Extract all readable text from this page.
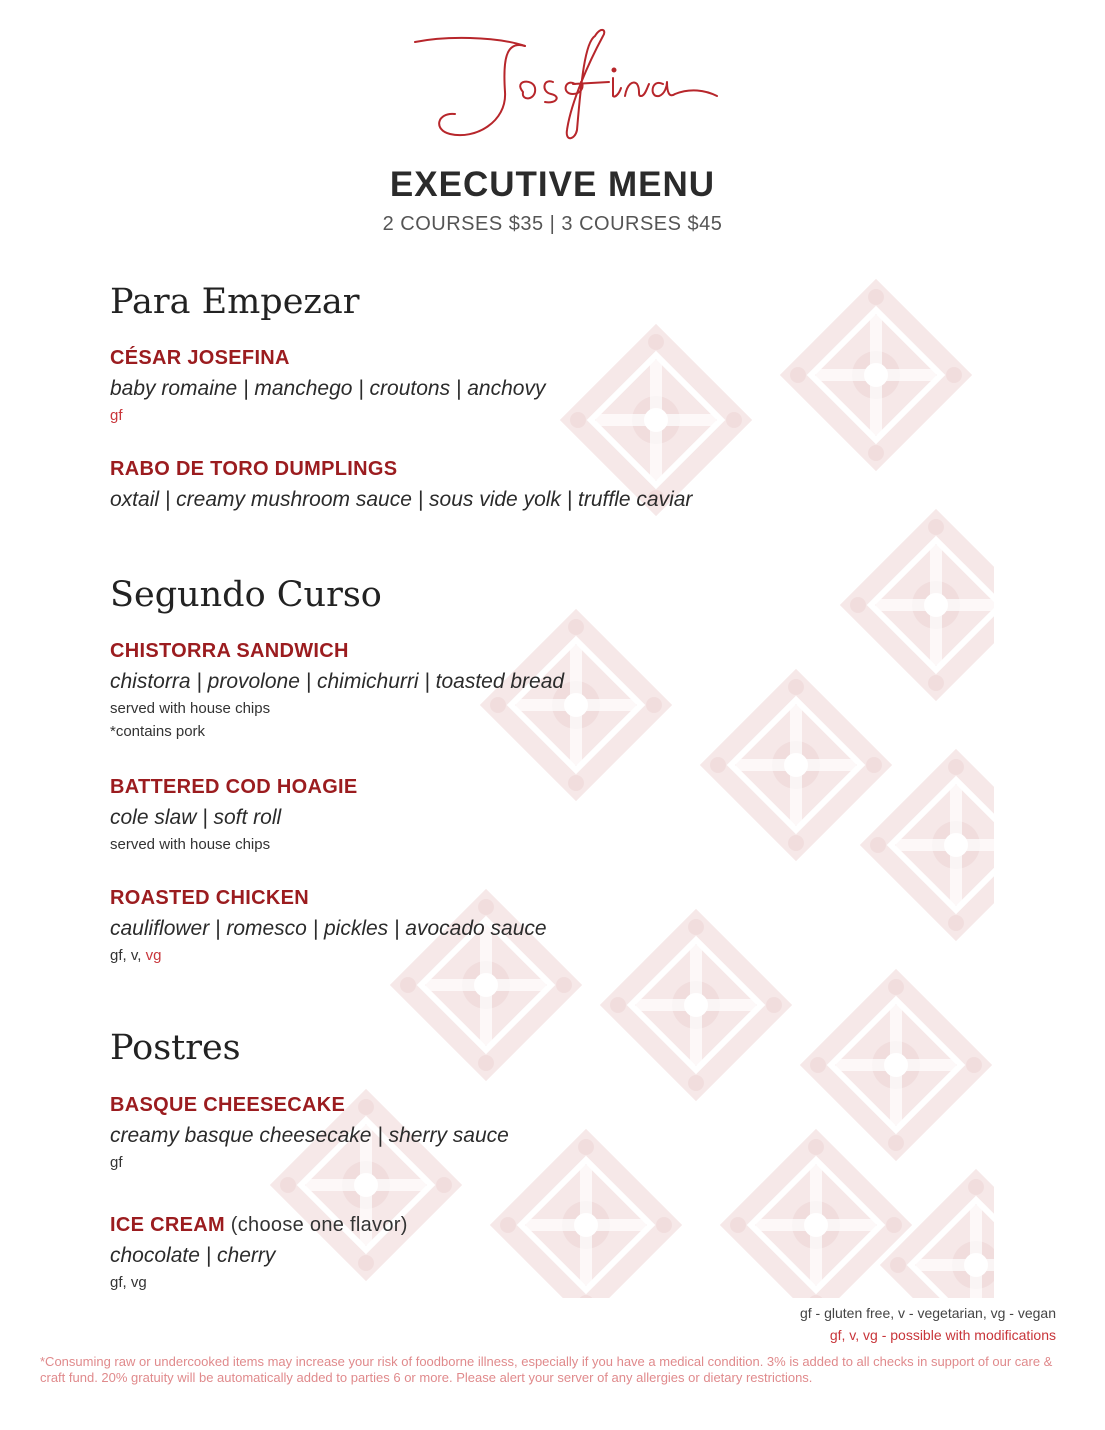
EXECUTIVE MENU
2 COURSES $35 | 3 COURSES $45
Para Empezar
CÉSAR JOSEFINA
baby romaine | manchego | croutons | anchovy
gf
RABO DE TORO DUMPLINGS
oxtail | creamy mushroom sauce | sous vide yolk | truffle caviar
Segundo Curso
CHISTORRA SANDWICH
chistorra | provolone | chimichurri | toasted bread
served with house chips
*contains pork
BATTERED COD HOAGIE
cole slaw | soft roll
served with house chips
ROASTED CHICKEN
cauliflower | romesco | pickles | avocado sauce
gf, v, vg
Postres
BASQUE CHEESECAKE
creamy basque cheesecake | sherry sauce
gf
ICE CREAM (choose one flavor)
chocolate | cherry
gf, vg
gf - gluten free, v - vegetarian, vg - vegan
gf, v, vg - possible with modifications
*Consuming raw or undercooked items may increase your risk of foodborne illness, especially if you have a medical condition. 3% is added to all checks in support of our care & craft fund. 20% gratuity will be automatically added to parties 6 or more. Please alert your server of any allergies or dietary restrictions.
